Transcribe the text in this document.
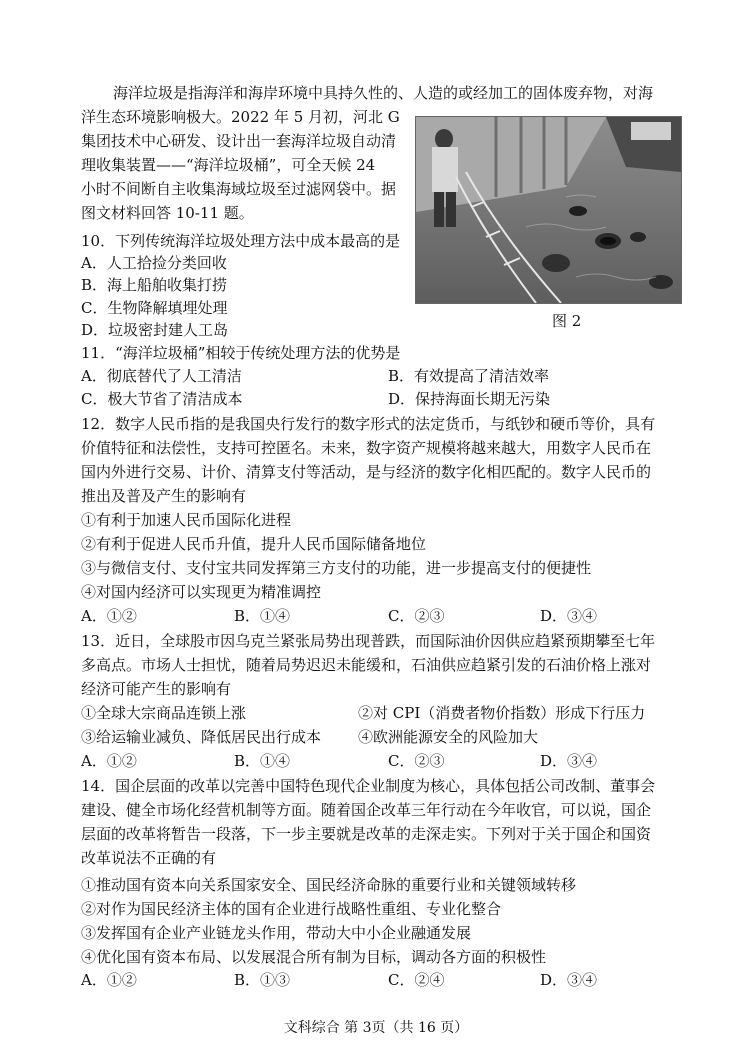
海洋垃圾是指海洋和海岸环境中具持久性的、人造的或经加工的固体废弃物，对海
洋生态环境影响极大。2022 年 5 月初，河北 G
集团技术中心研发、设计出一套海洋垃圾自动清
理收集装置——“海洋垃圾桶”，可全天候 24
小时不间断自主收集海域垃圾至过滤网袋中。据
图文材料回答 10-11 题。
图 2
10．下列传统海洋垃圾处理方法中成本最高的是
A．人工拾捡分类回收
B．海上船舶收集打捞
C．生物降解填埋处理
D．垃圾密封建人工岛
11．“海洋垃圾桶”相较于传统处理方法的优势是
A．彻底替代了人工清洁	B．有效提高了清洁效率
C．极大节省了清洁成本	D．保持海面长期无污染
12．数字人民币指的是我国央行发行的数字形式的法定货币，与纸钞和硬币等价，具有
价值特征和法偿性，支持可控匿名。未来，数字资产规模将越来越大，用数字人民币在
国内外进行交易、计价、清算支付等活动，是与经济的数字化相匹配的。数字人民币的
推出及普及产生的影响有
①有利于加速人民币国际化进程
②有利于促进人民币升值，提升人民币国际储备地位
③与微信支付、支付宝共同发挥第三方支付的功能，进一步提高支付的便捷性
④对国内经济可以实现更为精准调控
A．①②	B．①④	C．②③	D．③④
13．近日，全球股市因乌克兰紧张局势出现普跌，而国际油价因供应趋紧预期攀至七年
多高点。市场人士担忧，随着局势迟迟未能缓和，石油供应趋紧引发的石油价格上涨对
经济可能产生的影响有
①全球大宗商品连锁上涨	②对 CPI（消费者物价指数）形成下行压力
③给运输业减负、降低居民出行成本 ④欧洲能源安全的风险加大
A．①②	B．①④	C．②③	D．③④
14．国企层面的改革以完善中国特色现代企业制度为核心，具体包括公司改制、董事会
建设、健全市场化经营机制等方面。随着国企改革三年行动在今年收官，可以说，国企
层面的改革将暂告一段落，下一步主要就是改革的走深走实。下列对于关于国企和国资
改革说法不正确的有
①推动国有资本向关系国家安全、国民经济命脉的重要行业和关键领域转移
②对作为国民经济主体的国有企业进行战略性重组、专业化整合
③发挥国有企业产业链龙头作用，带动大中小企业融通发展
④优化国有资本布局、以发展混合所有制为目标，调动各方面的积极性
A．①②	B．①③	C．②④	D．③④
文科综合 第 3页（共 16 页）
